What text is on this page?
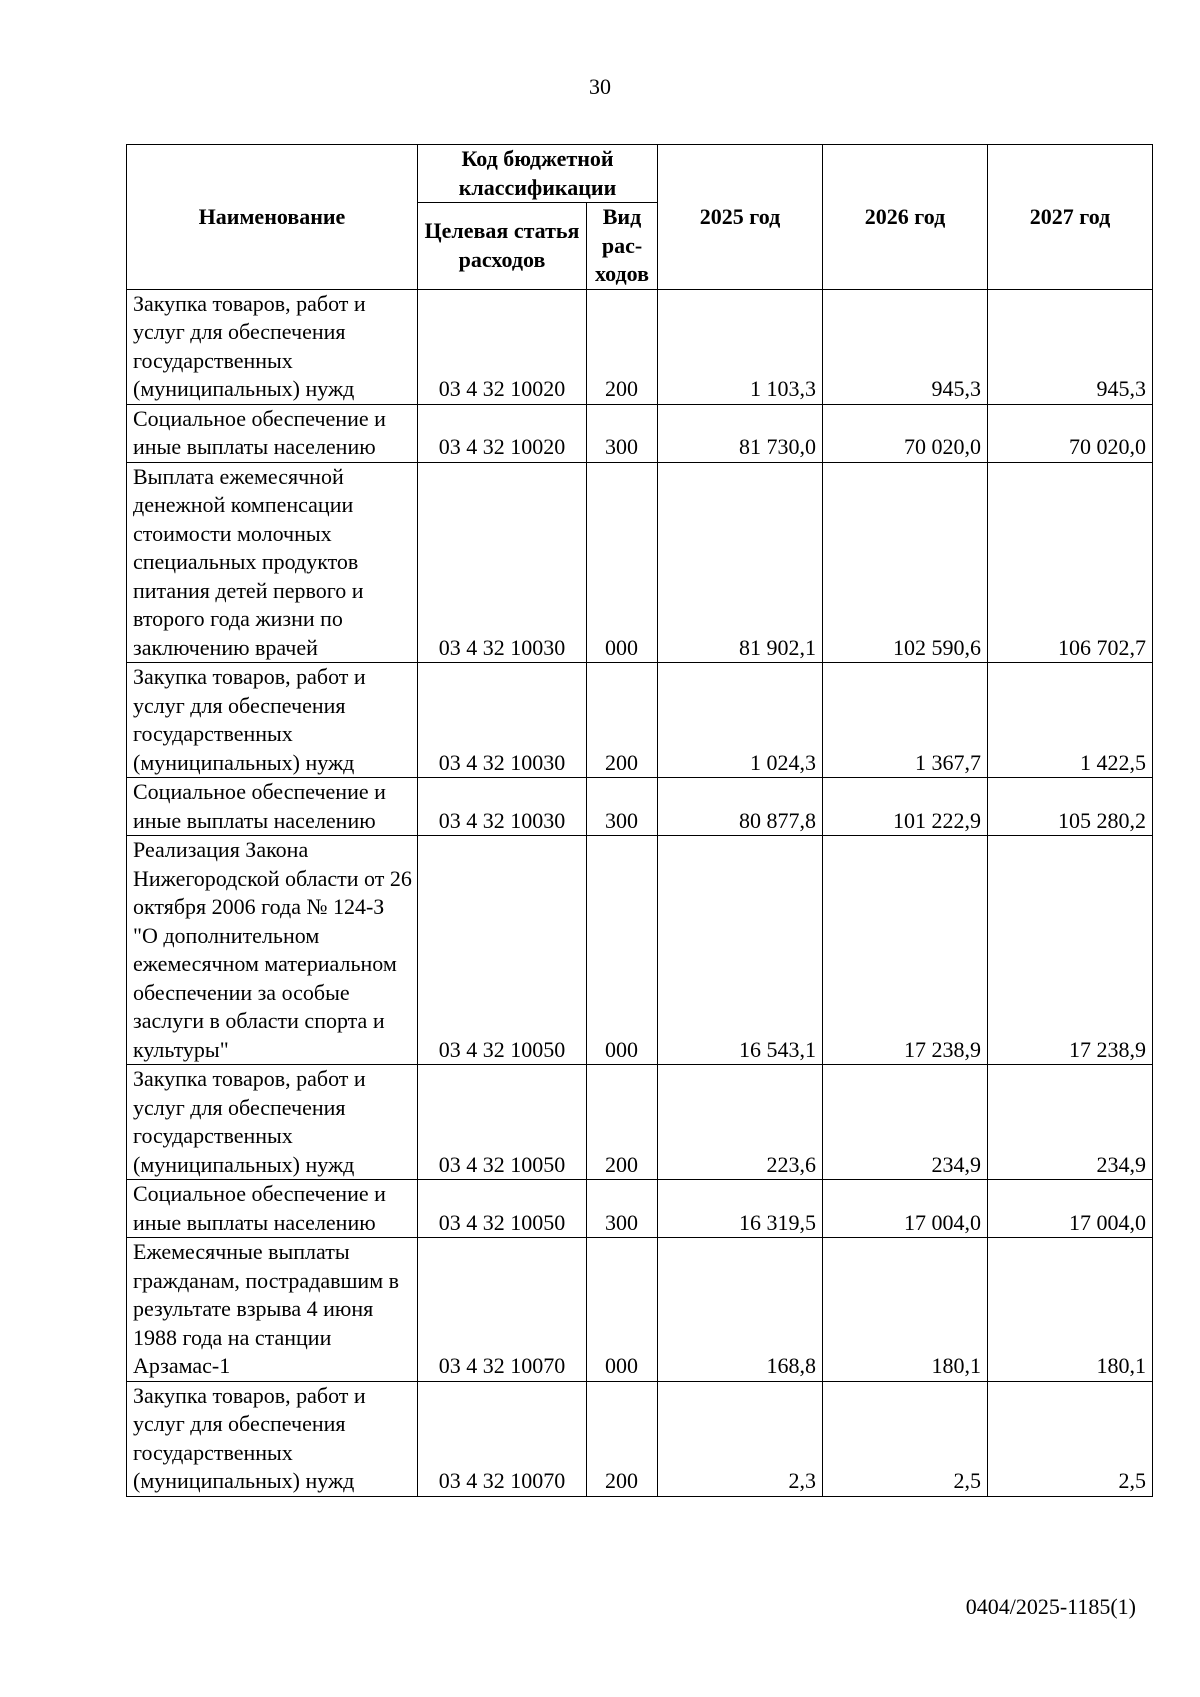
30
Наименование	Код бюджетной классификации		2025 год	2026 год	2027 год
	Целевая статья расходов	Вид рас-ходов			
Закупка товаров, работ и услуг для обеспечения государственных (муниципальных) нужд	03 4 32 10020	200	1 103,3	945,3	945,3
Социальное обеспечение и иные выплаты населению	03 4 32 10020	300	81 730,0	70 020,0	70 020,0
Выплата ежемесячной денежной компенсации стоимости молочных специальных продуктов питания детей первого и второго года жизни по заключению врачей	03 4 32 10030	000	81 902,1	102 590,6	106 702,7
Закупка товаров, работ и услуг для обеспечения государственных (муниципальных) нужд	03 4 32 10030	200	1 024,3	1 367,7	1 422,5
Социальное обеспечение и иные выплаты населению	03 4 32 10030	300	80 877,8	101 222,9	105 280,2
Реализация Закона Нижегородской области от 26 октября 2006 года № 124-З "О дополнительном ежемесячном материальном обеспечении за особые заслуги в области спорта и культуры"	03 4 32 10050	000	16 543,1	17 238,9	17 238,9
Закупка товаров, работ и услуг для обеспечения государственных (муниципальных) нужд	03 4 32 10050	200	223,6	234,9	234,9
Социальное обеспечение и иные выплаты населению	03 4 32 10050	300	16 319,5	17 004,0	17 004,0
Ежемесячные выплаты гражданам, пострадавшим в результате взрыва 4 июня 1988 года на станции Арзамас-1	03 4 32 10070	000	168,8	180,1	180,1
Закупка товаров, работ и услуг для обеспечения государственных (муниципальных) нужд	03 4 32 10070	200	2,3	2,5	2,5
0404/2025-1185(1)
